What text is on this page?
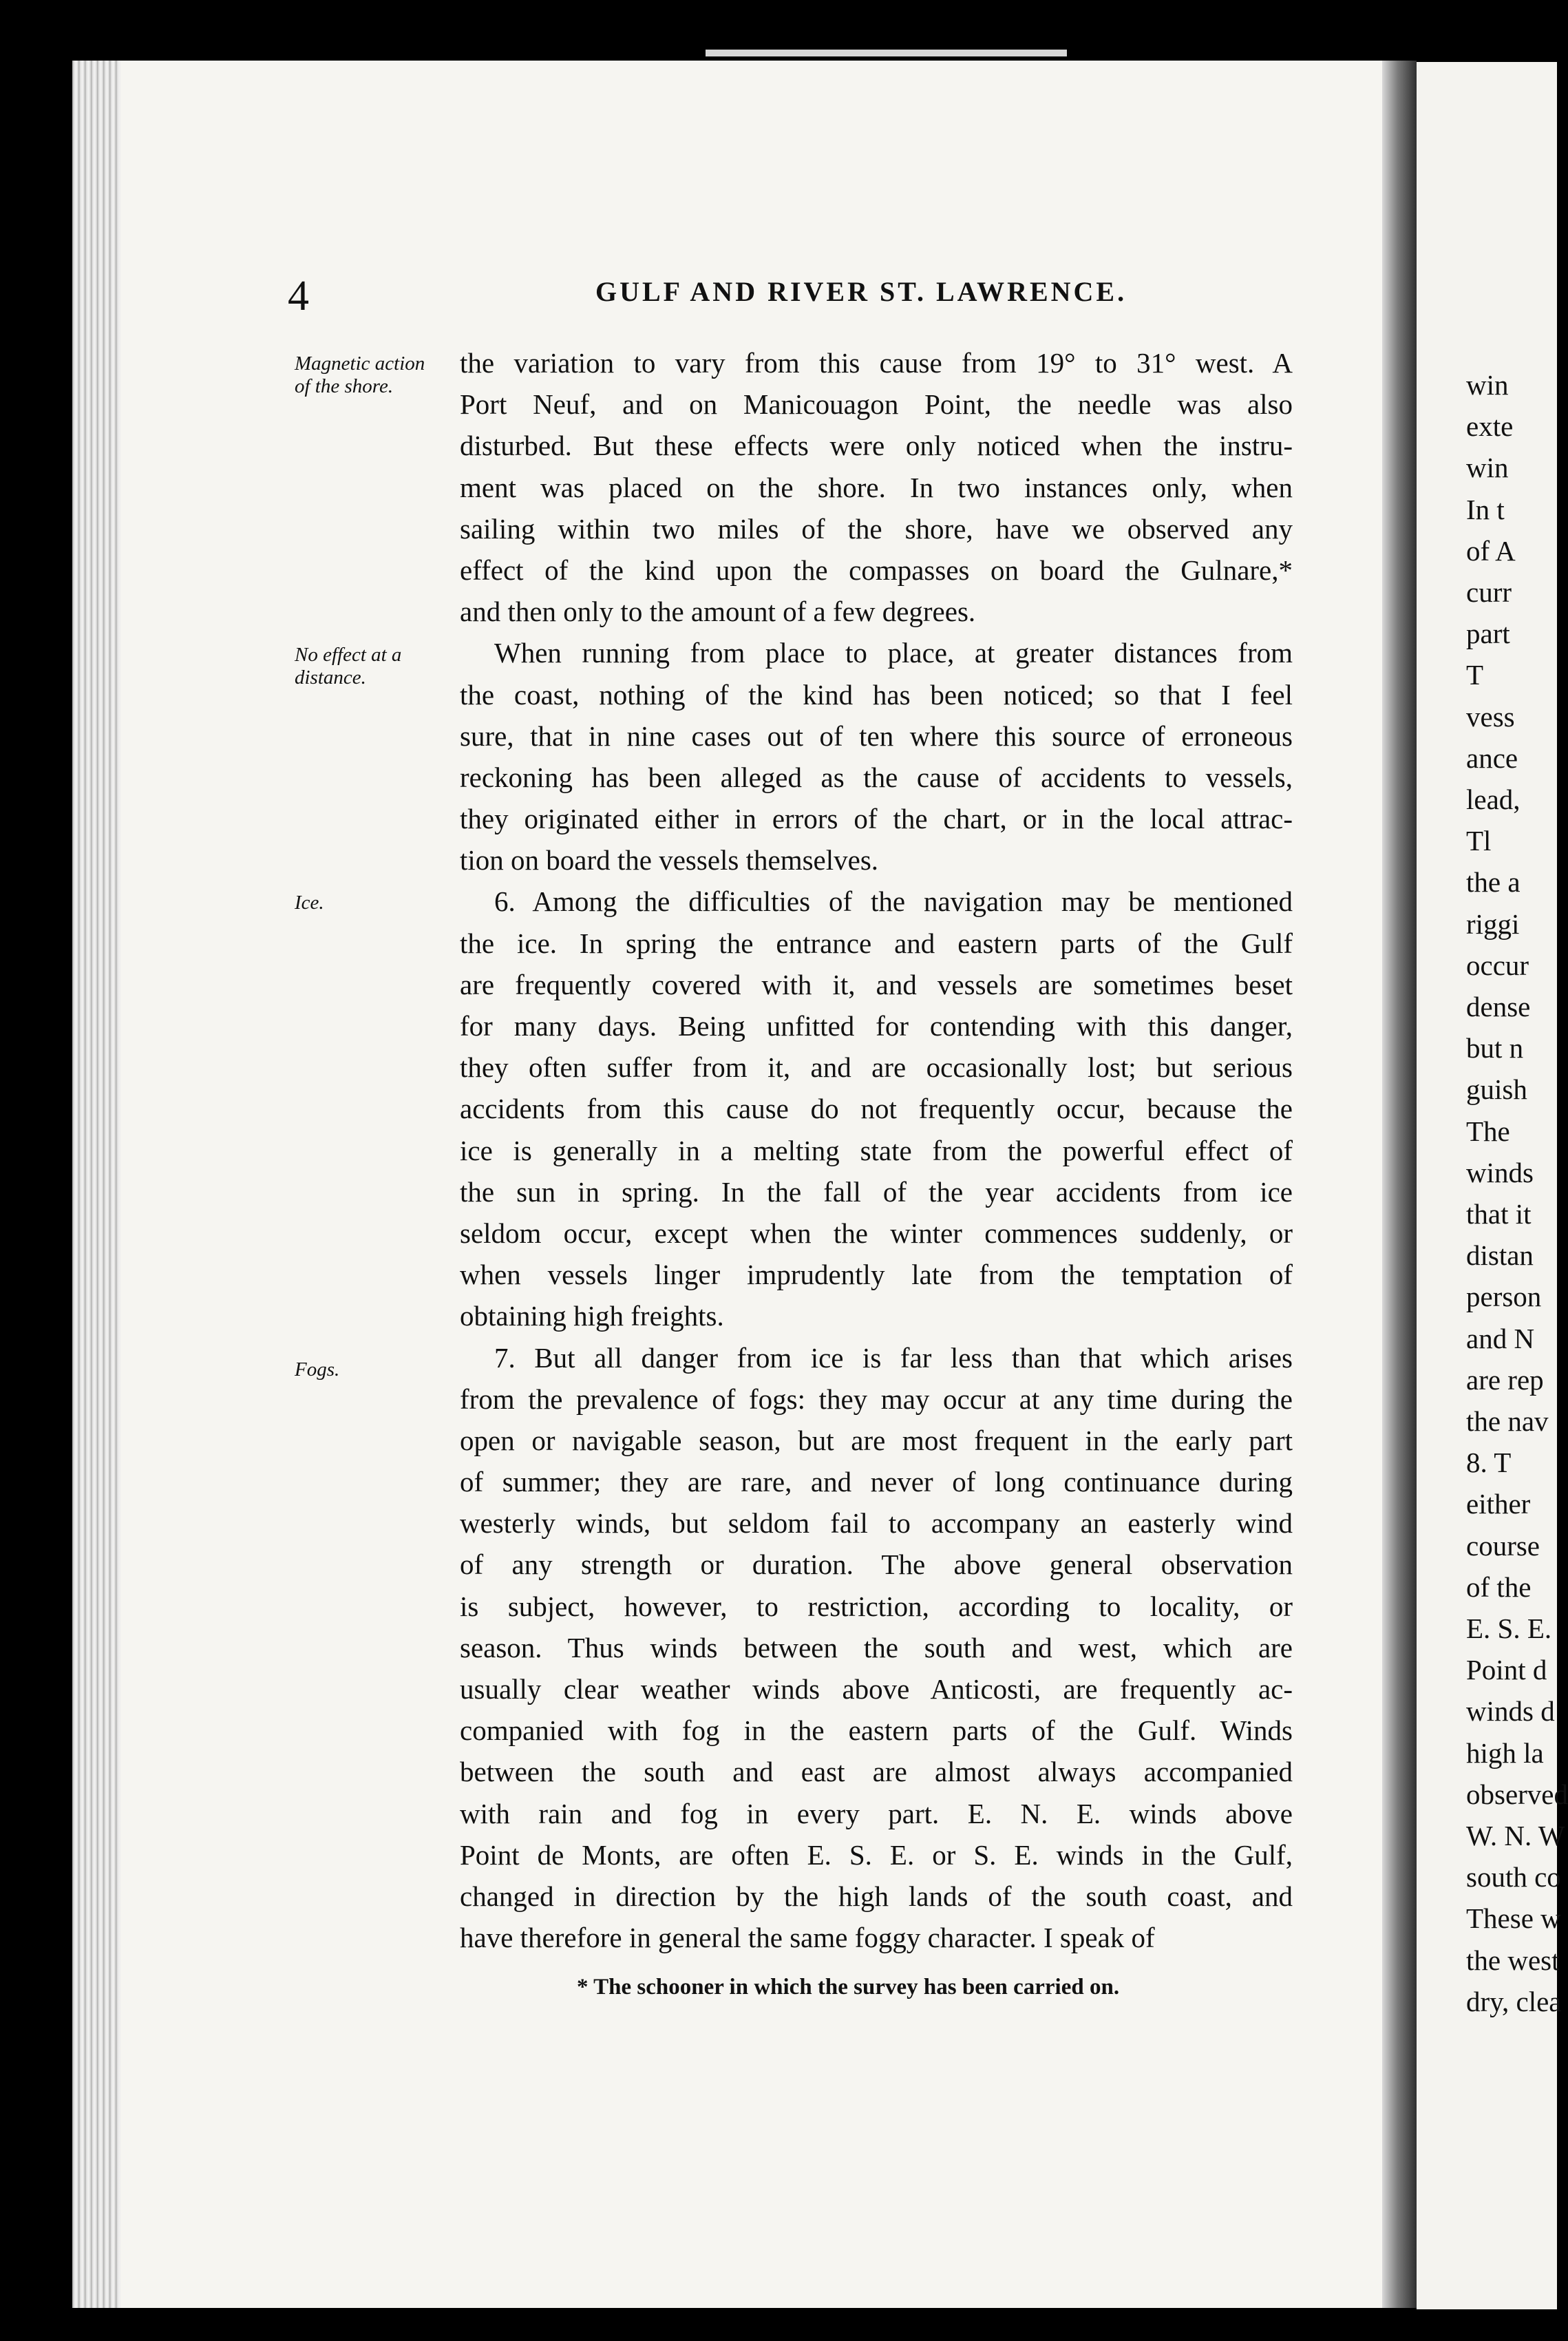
win
exte
win
In t
of A
curr
part
T
vess
ance
lead,
Tl
the a
riggi
occur
dense
but n
guish
The
winds
that it
distan
person
and N
are rep
the nav
8. T
either
course
of the
E. S. E.
Point d
winds d
high la
observed
W. N. W
south co
These w
the west
dry, clea
4	GULF AND RIVER ST. LAWRENCE.
Magnetic action of the shore.
No effect at a distance.
Ice.
Fogs.
the variation to vary from this cause from 19° to 31° west. A
Port Neuf, and on Manicouagon Point, the needle was also
disturbed. But these effects were only noticed when the instru-
ment was placed on the shore. In two instances only, when
sailing within two miles of the shore, have we observed any
effect of the kind upon the compasses on board the Gulnare,*
and then only to the amount of a few degrees.
When running from place to place, at greater distances from
the coast, nothing of the kind has been noticed; so that I feel
sure, that in nine cases out of ten where this source of erroneous
reckoning has been alleged as the cause of accidents to vessels,
they originated either in errors of the chart, or in the local attrac-
tion on board the vessels themselves.
6. Among the difficulties of the navigation may be mentioned
the ice. In spring the entrance and eastern parts of the Gulf
are frequently covered with it, and vessels are sometimes beset
for many days. Being unfitted for contending with this danger,
they often suffer from it, and are occasionally lost; but serious
accidents from this cause do not frequently occur, because the
ice is generally in a melting state from the powerful effect of
the sun in spring. In the fall of the year accidents from ice
seldom occur, except when the winter commences suddenly, or
when vessels linger imprudently late from the temptation of
obtaining high freights.
7. But all danger from ice is far less than that which arises
from the prevalence of fogs: they may occur at any time during the
open or navigable season, but are most frequent in the early part
of summer; they are rare, and never of long continuance during
westerly winds, but seldom fail to accompany an easterly wind
of any strength or duration. The above general observation
is subject, however, to restriction, according to locality, or
season. Thus winds between the south and west, which are
usually clear weather winds above Anticosti, are frequently ac-
companied with fog in the eastern parts of the Gulf. Winds
between the south and east are almost always accompanied
with rain and fog in every part. E. N. E. winds above
Point de Monts, are often E. S. E. or S. E. winds in the Gulf,
changed in direction by the high lands of the south coast, and
have therefore in general the same foggy character. I speak of
* The schooner in which the survey has been carried on.
